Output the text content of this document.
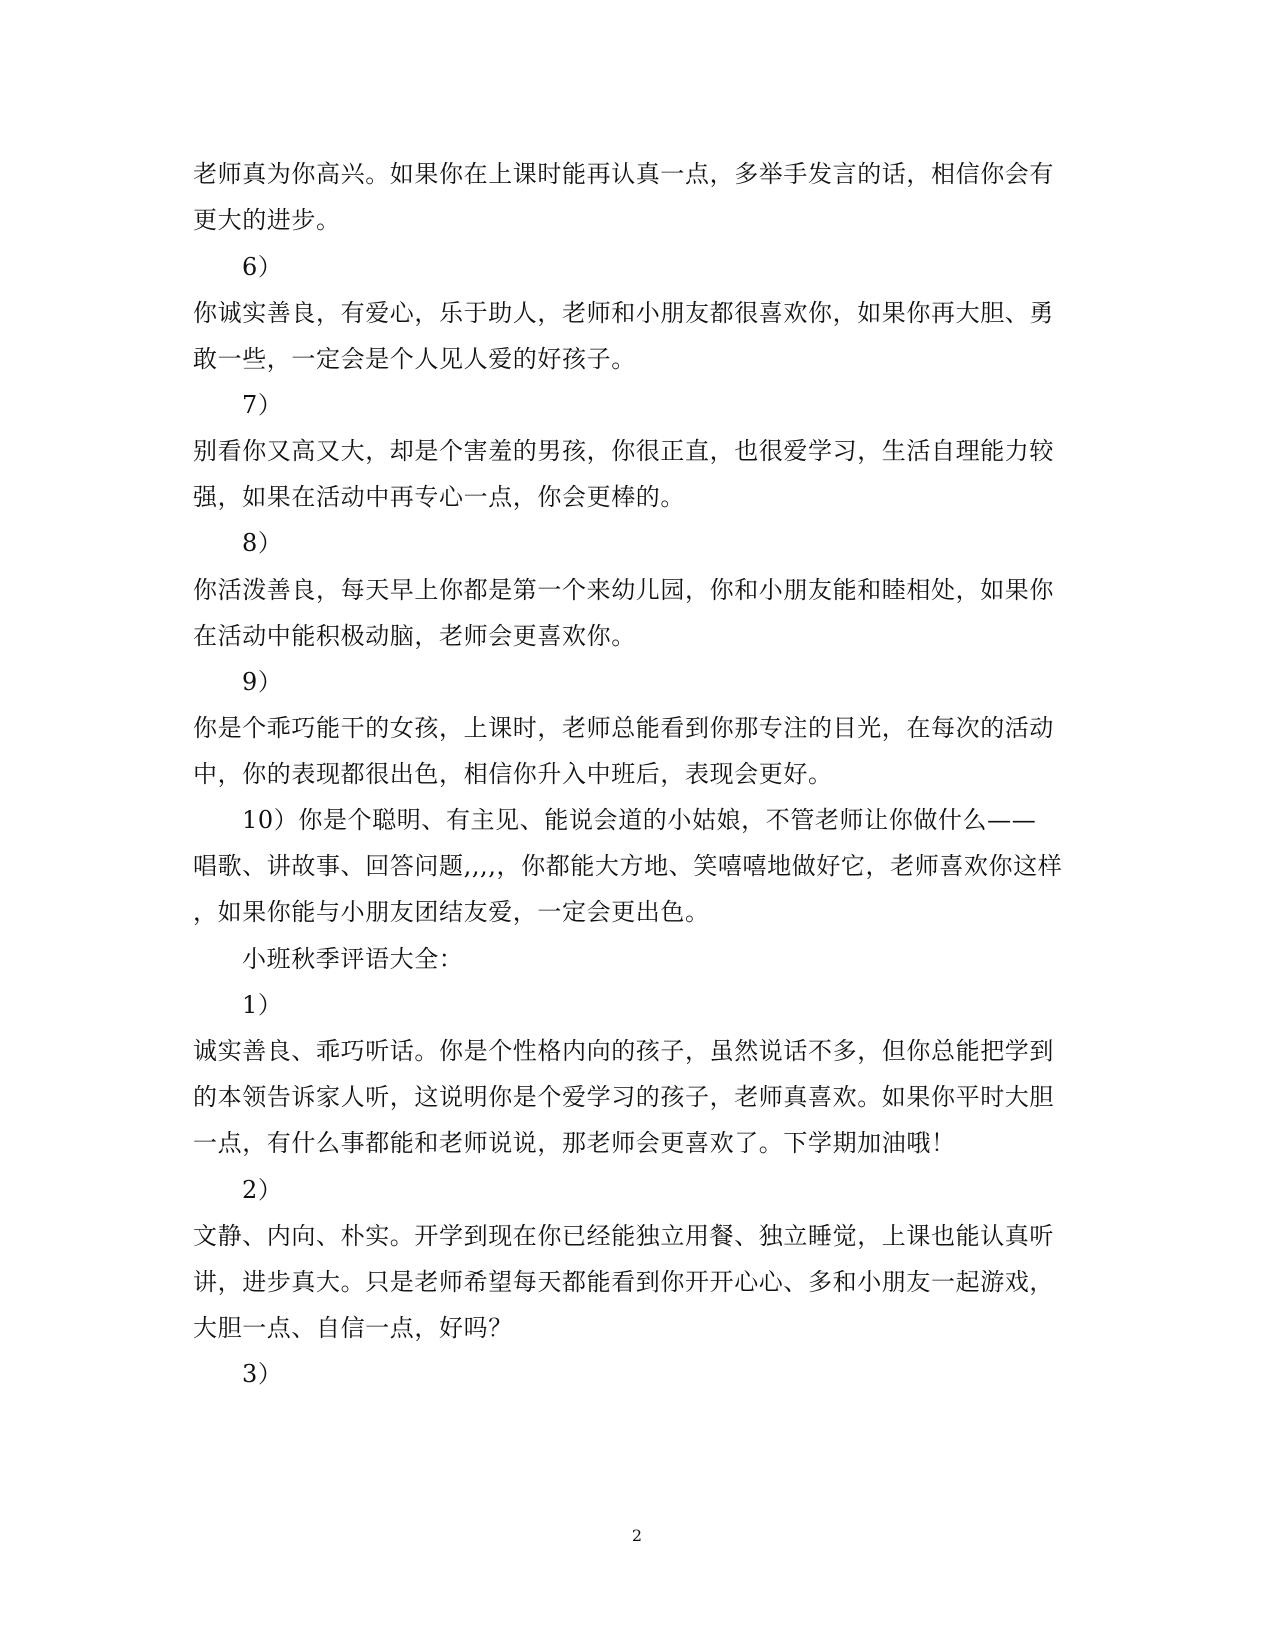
老师真为你高兴。如果你在上课时能再认真一点，多举手发言的话，相信你会有
更大的进步。
6）
你诚实善良，有爱心，乐于助人，老师和小朋友都很喜欢你，如果你再大胆、勇
敢一些，一定会是个人见人爱的好孩子。
7）
别看你又高又大，却是个害羞的男孩，你很正直，也很爱学习，生活自理能力较
强，如果在活动中再专心一点，你会更棒的。
8）
你活泼善良，每天早上你都是第一个来幼儿园，你和小朋友能和睦相处，如果你
在活动中能积极动脑，老师会更喜欢你。
9）
你是个乖巧能干的女孩，上课时，老师总能看到你那专注的目光，在每次的活动
中，你的表现都很出色，相信你升入中班后，表现会更好。
10）你是个聪明、有主见、能说会道的小姑娘，不管老师让你做什么——
唱歌、讲故事、回答问题,,,,，你都能大方地、笑嘻嘻地做好它，老师喜欢你这样
，如果你能与小朋友团结友爱，一定会更出色。
小班秋季评语大全：
1）
诚实善良、乖巧听话。你是个性格内向的孩子，虽然说话不多，但你总能把学到
的本领告诉家人听，这说明你是个爱学习的孩子，老师真喜欢。如果你平时大胆
一点，有什么事都能和老师说说，那老师会更喜欢了。下学期加油哦！
2）
文静、内向、朴实。开学到现在你已经能独立用餐、独立睡觉，上课也能认真听
讲，进步真大。只是老师希望每天都能看到你开开心心、多和小朋友一起游戏，
大胆一点、自信一点，好吗？
3）
2
